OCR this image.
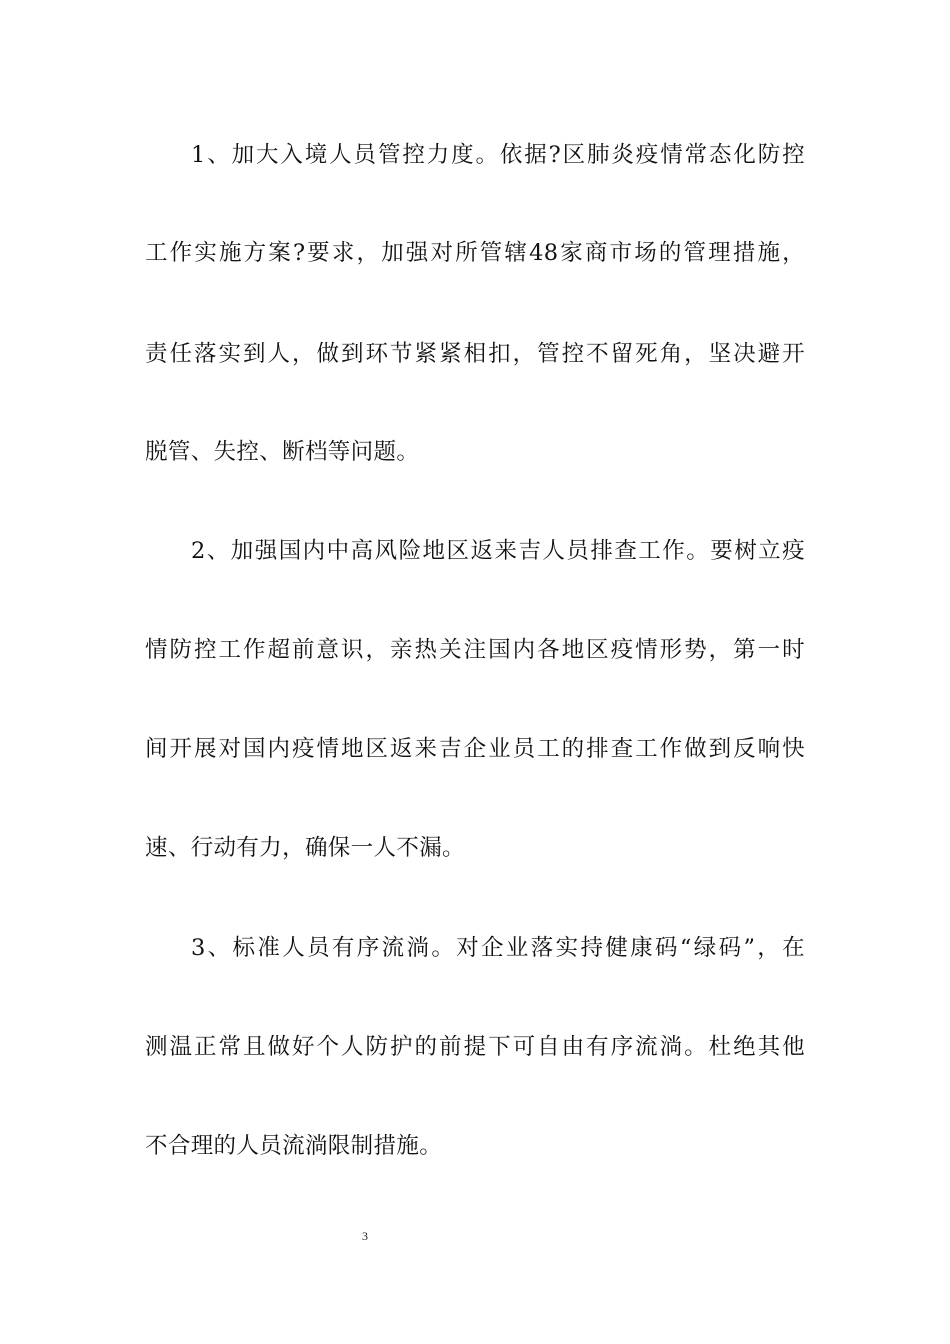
1、加大入境人员管控力度。依据?区肺炎疫情常态化防控
工作实施方案?要求，加强对所管辖48家商市场的管理措施，
责任落实到人，做到环节紧紧相扣，管控不留死角，坚决避开
脱管、失控、断档等问题。
2、加强国内中高风险地区返来吉人员排查工作。要树立疫
情防控工作超前意识，亲热关注国内各地区疫情形势，第一时
间开展对国内疫情地区返来吉企业员工的排查工作做到反响快
速、行动有力，确保一人不漏。
3、标准人员有序流淌。对企业落实持健康码“绿码”，在
测温正常且做好个人防护的前提下可自由有序流淌。杜绝其他
不合理的人员流淌限制措施。
3
